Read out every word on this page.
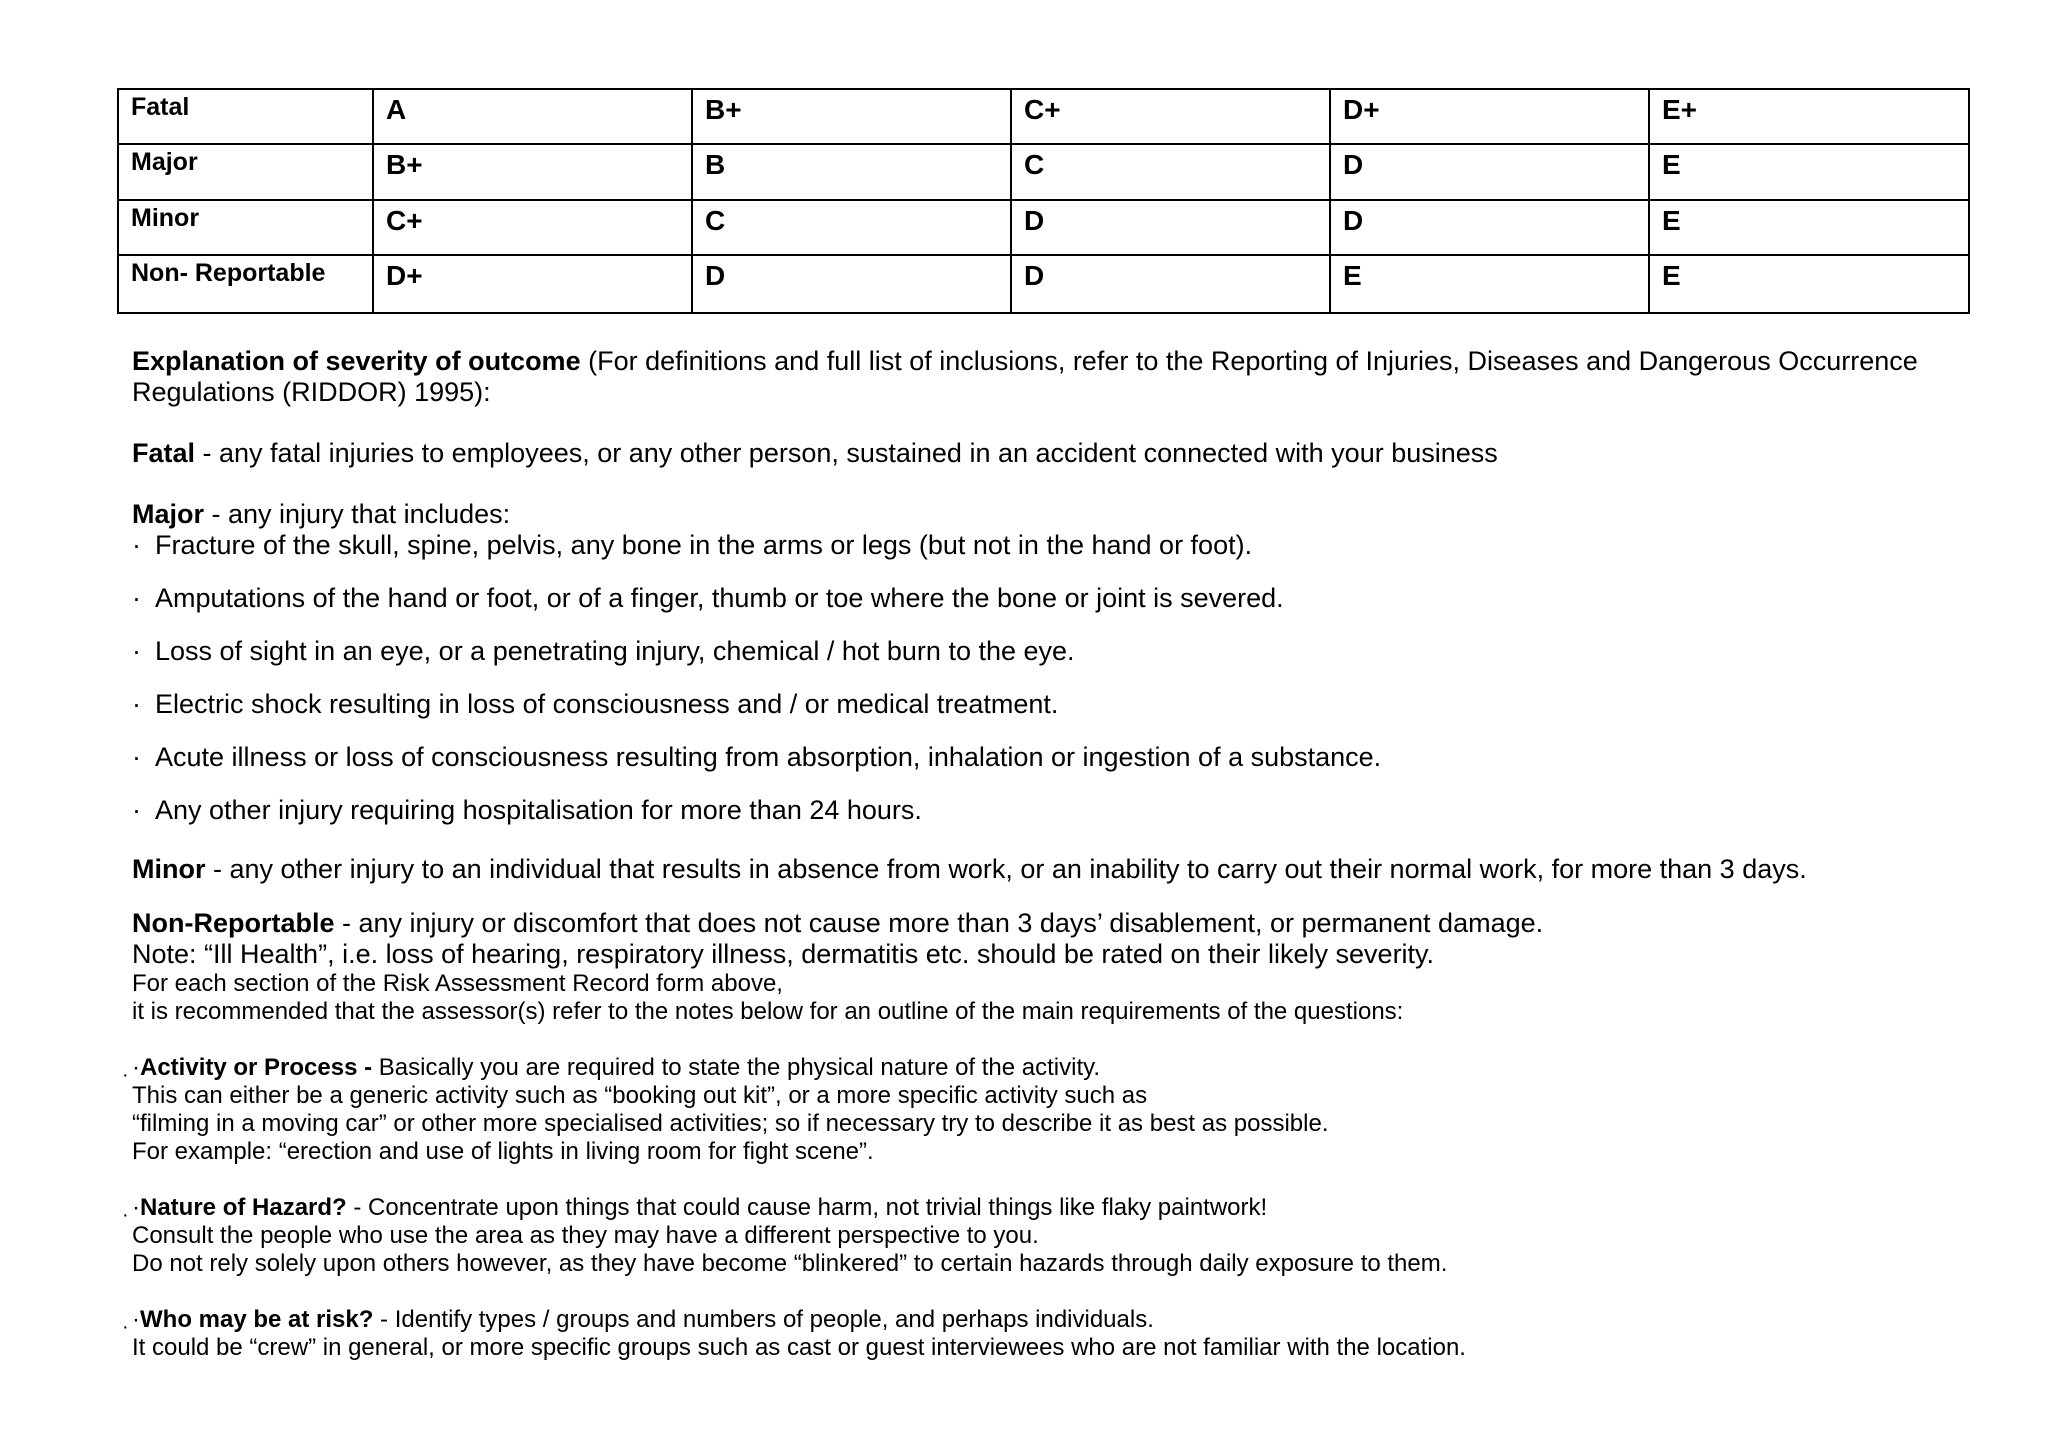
Fatal	A	B+	C+	D+	E+
Major	B+	B	C	D	E
Minor	C+	C	D	D	E
Non- Reportable	D+	D	D	E	E

Explanation of severity of outcome (For definitions and full list of inclusions, refer to the Reporting of Injuries, Diseases and Dangerous Occurrence Regulations (RIDDOR) 1995):

Fatal - any fatal injuries to employees, or any other person, sustained in an accident connected with your business

Major - any injury that includes:

· Fracture of the skull, spine, pelvis, any bone in the arms or legs (but not in the hand or foot).

· Amputations of the hand or foot, or of a finger, thumb or toe where the bone or joint is severed.

· Loss of sight in an eye, or a penetrating injury, chemical / hot burn to the eye.

· Electric shock resulting in loss of consciousness and / or medical treatment.

· Acute illness or loss of consciousness resulting from absorption, inhalation or ingestion of a substance.

· Any other injury requiring hospitalisation for more than 24 hours.

Minor - any other injury to an individual that results in absence from work, or an inability to carry out their normal work, for more than 3 days.

Non-Reportable - any injury or discomfort that does not cause more than 3 days’ disablement, or permanent damage.

Note: “Ill Health”, i.e. loss of hearing, respiratory illness, dermatitis etc. should be rated on their likely severity.

For each section of the Risk Assessment Record form above,

it is recommended that the assessor(s) refer to the notes below for an outline of the main requirements of the questions:

· ·Activity or Process - Basically you are required to state the physical nature of the activity.

This can either be a generic activity such as “booking out kit”, or a more specific activity such as

“filming in a moving car” or other more specialised activities; so if necessary try to describe it as best as possible.

For example: “erection and use of lights in living room for fight scene”.

· ·Nature of Hazard? - Concentrate upon things that could cause harm, not trivial things like flaky paintwork!

Consult the people who use the area as they may have a different perspective to you.

Do not rely solely upon others however, as they have become “blinkered” to certain hazards through daily exposure to them.

· ·Who may be at risk? - Identify types / groups and numbers of people, and perhaps individuals.

It could be “crew” in general, or more specific groups such as cast or guest interviewees who are not familiar with the location.
